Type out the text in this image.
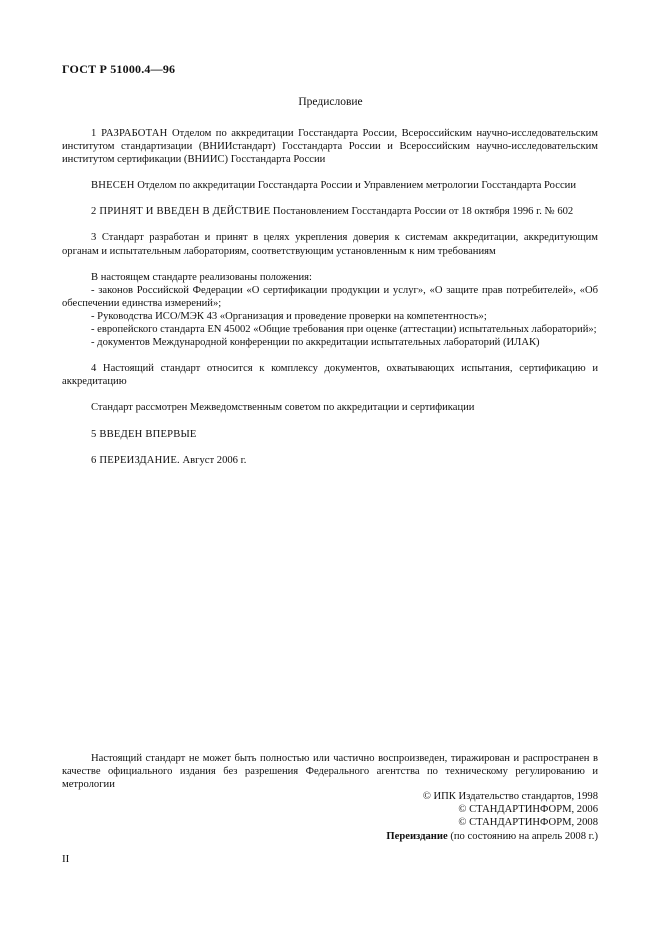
ГОСТ Р 51000.4—96
Предисловие

1 РАЗРАБОТАН Отделом по аккредитации Госстандарта России, Всероссийским научно-исследовательским институтом стандартизации (ВНИИстандарт) Госстандарта России и Всероссийским научно-исследовательским институтом сертификации (ВНИИС) Госстандарта России

ВНЕСЕН Отделом по аккредитации Госстандарта России и Управлением метрологии Госстандарта России

2 ПРИНЯТ И ВВЕДЕН В ДЕЙСТВИЕ Постановлением Госстандарта России от 18 октября 1996 г. № 602

3 Стандарт разработан и принят в целях укрепления доверия к системам аккредитации, аккредитующим органам и испытательным лабораториям, соответствующим установленным к ним требованиям

В настоящем стандарте реализованы положения:

- законов Российской Федерации «О сертификации продукции и услуг», «О защите прав потребителей», «Об обеспечении единства измерений»;

- Руководства ИСО/МЭК 43 «Организация и проведение проверки на компетентность»;

- европейского стандарта EN 45002 «Общие требования при оценке (аттестации) испытательных лабораторий»;

- документов Международной конференции по аккредитации испытательных лабораторий (ИЛАК)

4 Настоящий стандарт относится к комплексу документов, охватывающих испытания, сертификацию и аккредитацию

Стандарт рассмотрен Межведомственным советом по аккредитации и сертификации

5 ВВЕДЕН ВПЕРВЫЕ

6 ПЕРЕИЗДАНИЕ. Август 2006 г.

Настоящий стандарт не может быть полностью или частично воспроизведен, тиражирован и распространен в качестве официального издания без разрешения Федерального агентства по техническому регулированию и метрологии

© ИПК Издательство стандартов, 1998
© СТАНДАРТИНФОРМ, 2006
© СТАНДАРТИНФОРМ, 2008
Переиздание (по состоянию на апрель 2008 г.)
II
